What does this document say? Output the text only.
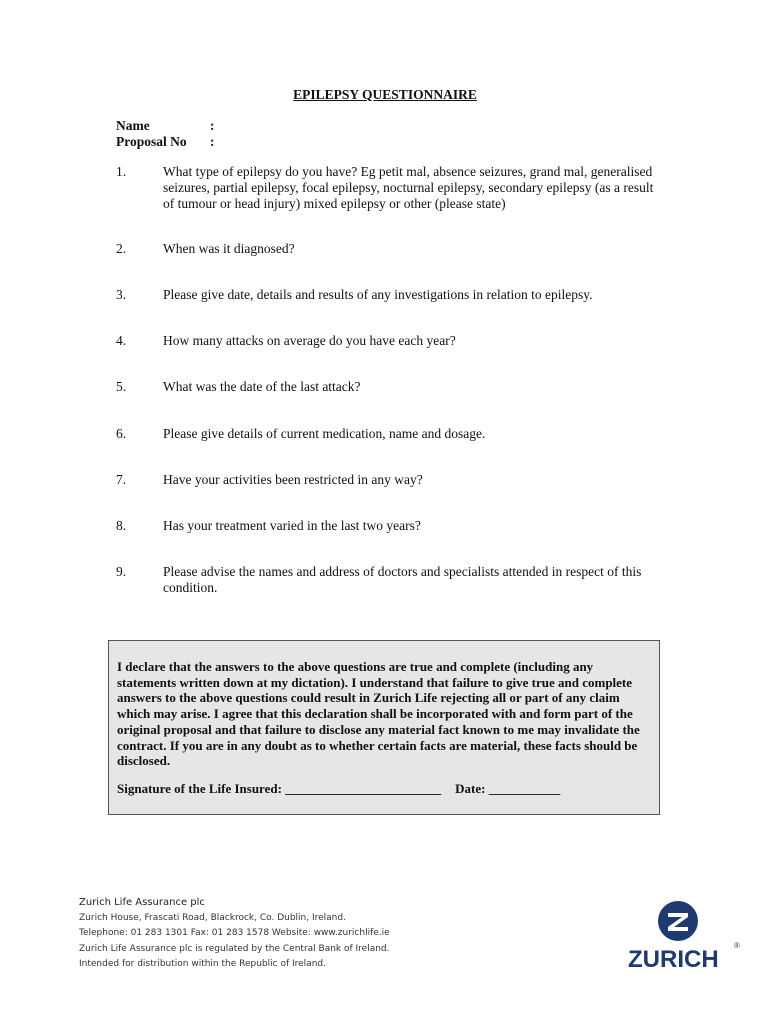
EPILEPSY QUESTIONNAIRE
Name	:
Proposal No :
1.	What type of epilepsy do you have? Eg petit mal, absence seizures, grand mal, generalised seizures, partial epilepsy, focal epilepsy, nocturnal epilepsy, secondary epilepsy (as a result of tumour or head injury) mixed epilepsy or other (please state)
2.	When was it diagnosed?
3.	Please give date, details and results of any investigations in relation to epilepsy.
4.	How many attacks on average do you have each year?
5.	What was the date of the last attack?
6.	Please give details of current medication, name and dosage.
7.	Have your activities been restricted in any way?
8.	Has your treatment varied in the last two years?
9.	Please advise the names and address of doctors and specialists attended in respect of this condition.
I declare that the answers to the above questions are true and complete (including any statements written down at my dictation). I understand that failure to give true and complete answers to the above questions could result in Zurich Life rejecting all or part of any claim which may arise. I agree that this declaration shall be incorporated with and form part of the original proposal and that failure to disclose any material fact known to me may invalidate the contract. If you are in any doubt as to whether certain facts are material, these facts should be disclosed.
Signature of the Life Insured: ________________________ Date: ___________
Zurich Life Assurance plc
Zurich House, Frascati Road, Blackrock, Co. Dublin, Ireland.
Telephone: 01 283 1301 Fax: 01 283 1578 Website: www.zurichlife.ie
Zurich Life Assurance plc is regulated by the Central Bank of Ireland.
Intended for distribution within the Republic of Ireland.	ZURICH
®
